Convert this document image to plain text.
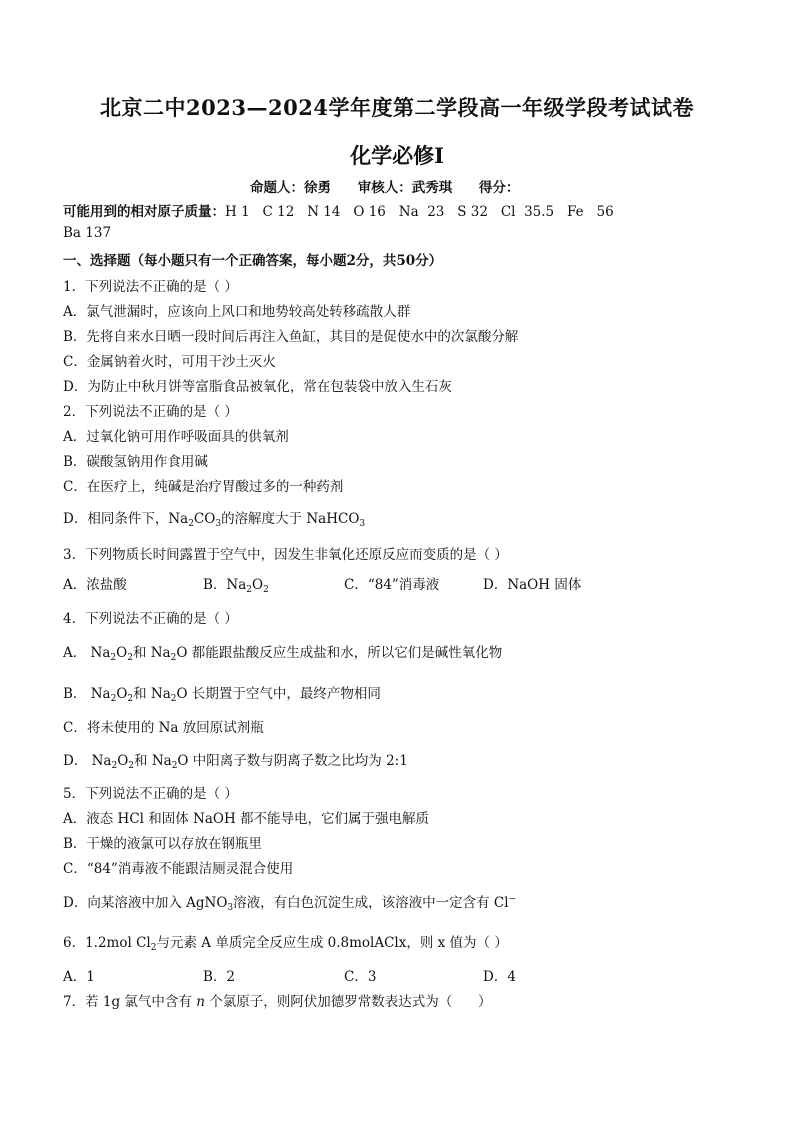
北京二中2023—2024学年度第二学段高一年级学段考试试卷
化学必修Ⅰ
命题人：徐勇 审核人：武秀琪 得分：
可能用到的相对原子质量：H 1   C 12   N 14   O 16   Na  23   S 32   Cl  35.5   Fe   56
Ba 137
一、选择题（每小题只有一个正确答案，每小题2分，共50分）
1．下列说法不正确的是（ ）
A．氯气泄漏时，应该向上风口和地势较高处转移疏散人群
B．先将自来水日晒一段时间后再注入鱼缸，其目的是促使水中的次氯酸分解
C．金属钠着火时，可用干沙土灭火
D．为防止中秋月饼等富脂食品被氧化，常在包装袋中放入生石灰
2．下列说法不正确的是（ ）
A．过氧化钠可用作呼吸面具的供氧剂
B．碳酸氢钠用作食用碱
C．在医疗上，纯碱是治疗胃酸过多的一种药剂
D．相同条件下，$Na_2CO_3$的溶解度大于 NaHCO$_3$
3．下列物质长时间露置于空气中，因发生非氧化还原反应而变质的是（ ）
A．浓盐酸	B．$Na_2O_2$	C．“84”消毒液	D．NaOH 固体
4．下列说法不正确的是（ ）
A． $Na_2O_2$和 $Na_2O$ 都能跟盐酸反应生成盐和水，所以它们是碱性氧化物
B． $Na_2O_2$和 $Na_2O$ 长期置于空气中，最终产物相同
C．将未使用的 Na 放回原试剂瓶
D． $Na_2O_2$和 $Na_2O$ 中阳离子数与阴离子数之比均为 2:1
5．下列说法不正确的是（ ）
A．液态 HCl 和固体 NaOH 都不能导电，它们属于强电解质
B．干燥的液氯可以存放在钢瓶里
C．“84”消毒液不能跟洁厕灵混合使用
D．向某溶液中加入 AgNO$_3$溶液，有白色沉淀生成，该溶液中一定含有 Cl−
6．1.2mol $Cl_2$与元素 A 单质完全反应生成 0.8molAClx，则 x 值为（ ）
A．1	B．2	C．3	D．4
7．若 1g 氯气中含有 n 个氯原子，则阿伏加德罗常数表达式为（      ）
